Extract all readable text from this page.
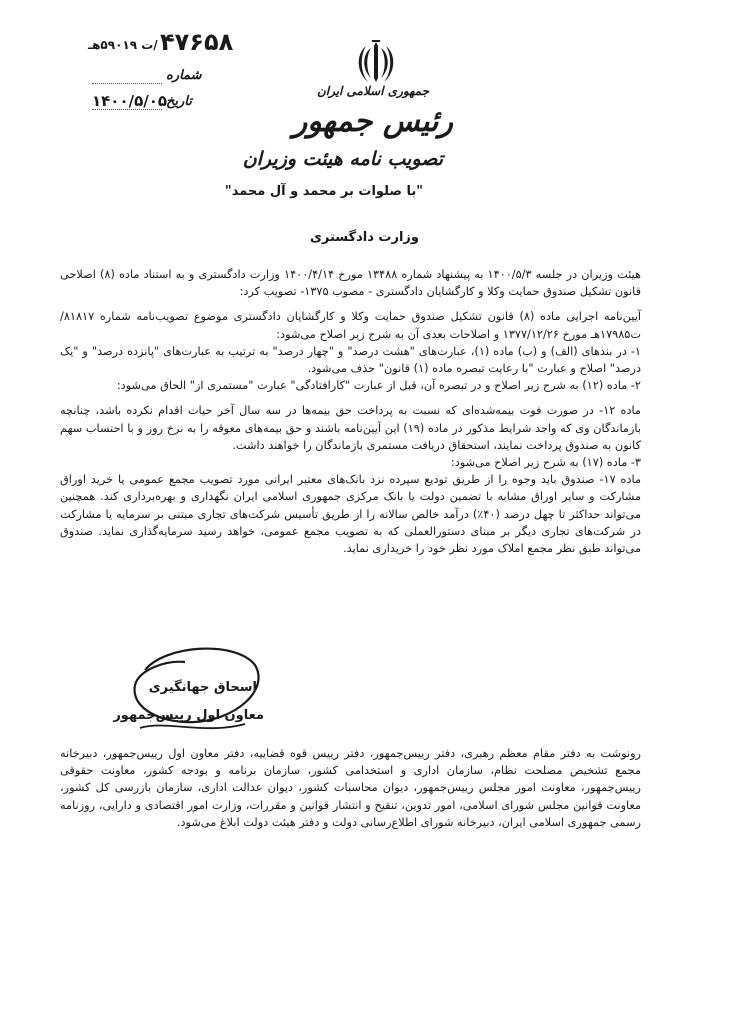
۴۷۶۵۸
/ت ۵۹۰۱۹هـ
شماره
تاریخ
۱۴۰۰/۵/۰۵
جمهوری اسلامی ایران
رئیس جمهور
تصویب نامه هیئت وزیران
"با صلوات بر محمد و آل محمد"
وزارت دادگستری

هیئت وزیران در جلسه ۱۴۰۰/۵/۳ به پیشنهاد شماره ۱۳۴۸۸ مورخ ۱۴۰۰/۴/۱۴ وزارت دادگستری و به استناد ماده (۸) اصلاحی قانون تشکیل صندوق حمایت وکلا و کارگشایان دادگستری - مصوب ۱۳۷۵- تصویب کرد:

آیین‌نامه اجرایی ماده (۸) قانون تشکیل صندوق حمایت وکلا و کارگشایان دادگستری موضوع تصویب‌نامه شماره ۸۱۸۱۷/ت۱۷۹۸۵هـ مورخ ۱۳۷۷/۱۲/۲۶ و اصلاحات بعدی آن به شرح زیر اصلاح می‌شود:

۱- در بندهای (الف) و (ب) ماده (۱)، عبارت‌های "هشت درصد" و "چهار درصد" به ترتیب به عبارت‌های "پانزده درصد" و "یک درصد" اصلاح و عبارت "با رعایت تبصره ماده (۱) قانون" حذف می‌شود.

۲- ماده (۱۲) به شرح زیر اصلاح و در تبصره آن، قبل از عبارت "کارافتادگی" عبارت "مستمری از" الحاق می‌شود:

ماده ۱۲- در صورت فوت بیمه‌شده‌ای که نسبت به پرداخت حق بیمه‌ها در سه سال آخر حیات اقدام نکرده باشد، چنانچه بازماندگان وی که واجد شرایط مذکور در ماده (۱۹) این آیین‌نامه باشند و حق بیمه‌های معوقه را به نرخ روز و با احتساب سهم کانون به صندوق پرداخت نمایند، استحقاق دریافت مستمری بازماندگان را خواهند داشت.

۳- ماده (۱۷) به شرح زیر اصلاح می‌شود:

ماده ۱۷- صندوق باید وجوه را از طریق تودیع سپرده نزد بانک‌های معتبر ایرانی مورد تصویب مجمع عمومی یا خرید اوراق مشارکت و سایر اوراق مشابه با تضمین دولت یا بانک مرکزی جمهوری اسلامی ایران نگهداری و بهره‌برداری کند. همچنین می‌تواند حداکثر تا چهل درصد (۴۰٪) درآمد خالص سالانه را از طریق تأسیس شرکت‌های تجاری مبتنی بر سرمایه یا مشارکت در شرکت‌های تجاری دیگر بر مبنای دستورالعملی که به تصویب مجمع عمومی، خواهد رسید سرمایه‌گذاری نماید. صندوق می‌تواند طبق نظر مجمع املاک مورد نظر خود را خریداری نماید.

اسحاق جهانگیری
معاون اول رییس‌جمهور

رونوشت به دفتر مقام معظم رهبری، دفتر رییس‌جمهور، دفتر رییس قوه قضاییه، دفتر معاون اول رییس‌جمهور، دبیرخانه مجمع تشخیص مصلحت نظام، سازمان اداری و استخدامی کشور، سازمان برنامه و بودجه کشور، معاونت حقوقی رییس‌جمهور، معاونت امور مجلس رییس‌جمهور، دیوان محاسبات کشور، دیوان عدالت اداری، سازمان بازرسی کل کشور، معاونت قوانین مجلس شورای اسلامی، امور تدوین، تنقیح و انتشار قوانین و مقررات، وزارت امور اقتصادی و دارایی، روزنامه رسمی جمهوری اسلامی ایران، دبیرخانه شورای اطلاع‌رسانی دولت و دفتر هیئت دولت ابلاغ می‌شود.
